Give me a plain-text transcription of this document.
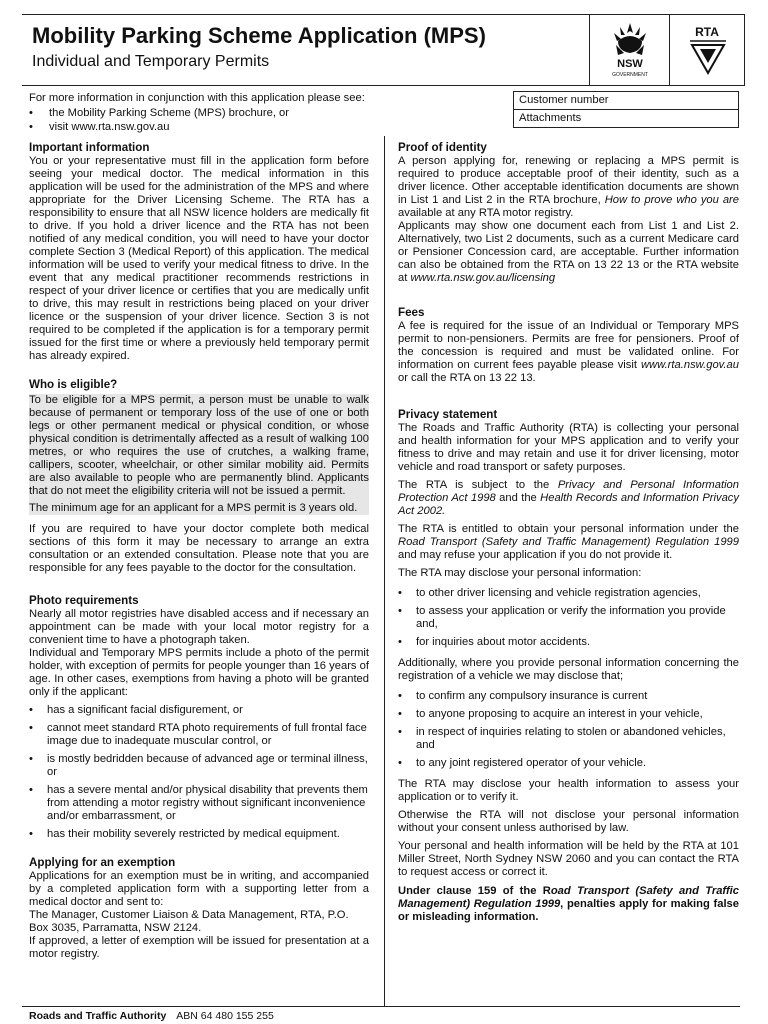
Mobility Parking Scheme Application (MPS)
Individual and Temporary Permits	NSW
GOVERNMENT
RTA
For more information in conjunction with this application please see:
• the Mobility Parking Scheme (MPS) brochure, or
• visit www.rta.nsw.gov.au
Customer number
Attachments
Important information

You or your representative must fill in the application form before seeing your medical doctor. The medical information in this application will be used for the administration of the MPS and where appropriate for the Driver Licensing Scheme. The RTA has a responsibility to ensure that all NSW licence holders are medically fit to drive. If you hold a driver licence and the RTA has not been notified of any medical condition, you will need to have your doctor complete Section 3 (Medical Report) of this application. The medical information will be used to verify your medical fitness to drive. In the event that any medical practitioner recommends restrictions in respect of your driver licence or certifies that you are medically unfit to drive, this may result in restrictions being placed on your driver licence or the suspension of your driver licence. Section 3 is not required to be completed if the application is for a temporary permit issued for the first time or where a previously held temporary permit has already expired.

Who is eligible?

To be eligible for a MPS permit, a person must be unable to walk because of permanent or temporary loss of the use of one or both legs or other permanent medical or physical condition, or whose physical condition is detrimentally affected as a result of walking 100 metres, or who requires the use of crutches, a walking frame, callipers, scooter, wheelchair, or other similar mobility aid. Permits are also available to people who are permanently blind. Applicants that do not meet the eligibility criteria will not be issued a permit.

The minimum age for an applicant for a MPS permit is 3 years old.

If you are required to have your doctor complete both medical sections of this form it may be necessary to arrange an extra consultation or an extended consultation. Please note that you are responsible for any fees payable to the doctor for the consultation.

Photo requirements

Nearly all motor registries have disabled access and if necessary an appointment can be made with your local motor registry for a convenient time to have a photograph taken.

Individual and Temporary MPS permits include a photo of the permit holder, with exception of permits for people younger than 16 years of age. In other cases, exemptions from having a photo will be granted only if the applicant:

• has a significant facial disfigurement, or
• cannot meet standard RTA photo requirements of full frontal face image due to inadequate muscular control, or
• is mostly bedridden because of advanced age or terminal illness, or
• has a severe mental and/or physical disability that prevents them from attending a motor registry without significant inconvenience and/or embarrassment, or
• has their mobility severely restricted by medical equipment.
Applying for an exemption

Applications for an exemption must be in writing, and accompanied by a completed application form with a supporting letter from a medical doctor and sent to:

The Manager, Customer Liaison & Data Management, RTA, P.O. Box 3035, Parramatta, NSW 2124.

If approved, a letter of exemption will be issued for presentation at a motor registry.

Proof of identity

A person applying for, renewing or replacing a MPS permit is required to produce acceptable proof of their identity, such as a driver licence. Other acceptable identification documents are shown in List 1 and List 2 in the RTA brochure, How to prove who you are available at any RTA motor registry.

Applicants may show one document each from List 1 and List 2. Alternatively, two List 2 documents, such as a current Medicare card or Pensioner Concession card, are acceptable. Further information can also be obtained from the RTA on 13 22 13 or the RTA website at www.rta.nsw.gov.au/licensing

Fees

A fee is required for the issue of an Individual or Temporary MPS permit to non-pensioners. Permits are free for pensioners. Proof of the concession is required and must be validated online. For information on current fees payable please visit www.rta.nsw.gov.au or call the RTA on 13 22 13.

Privacy statement

The Roads and Traffic Authority (RTA) is collecting your personal and health information for your MPS application and to verify your fitness to drive and may retain and use it for driver licensing, motor vehicle and road transport or safety purposes.

The RTA is subject to the Privacy and Personal Information Protection Act 1998 and the Health Records and Information Privacy Act 2002.

The RTA is entitled to obtain your personal information under the Road Transport (Safety and Traffic Management) Regulation 1999 and may refuse your application if you do not provide it.

The RTA may disclose your personal information:

• to other driver licensing and vehicle registration agencies,
• to assess your application or verify the information you provide and,
• for inquiries about motor accidents.

Additionally, where you provide personal information concerning the registration of a vehicle we may disclose that;

• to confirm any compulsory insurance is current
• to anyone proposing to acquire an interest in your vehicle,
• in respect of inquiries relating to stolen or abandoned vehicles, and
• to any joint registered operator of your vehicle.

The RTA may disclose your health information to assess your application or to verify it.

Otherwise the RTA will not disclose your personal information without your consent unless authorised by law.

Your personal and health information will be held by the RTA at 101 Miller Street, North Sydney NSW 2060 and you can contact the RTA to request access or correct it.

Under clause 159 of the Road Transport (Safety and Traffic Management) Regulation 1999, penalties apply for making false or misleading information.

Roads and Traffic Authority ABN 64 480 155 255
